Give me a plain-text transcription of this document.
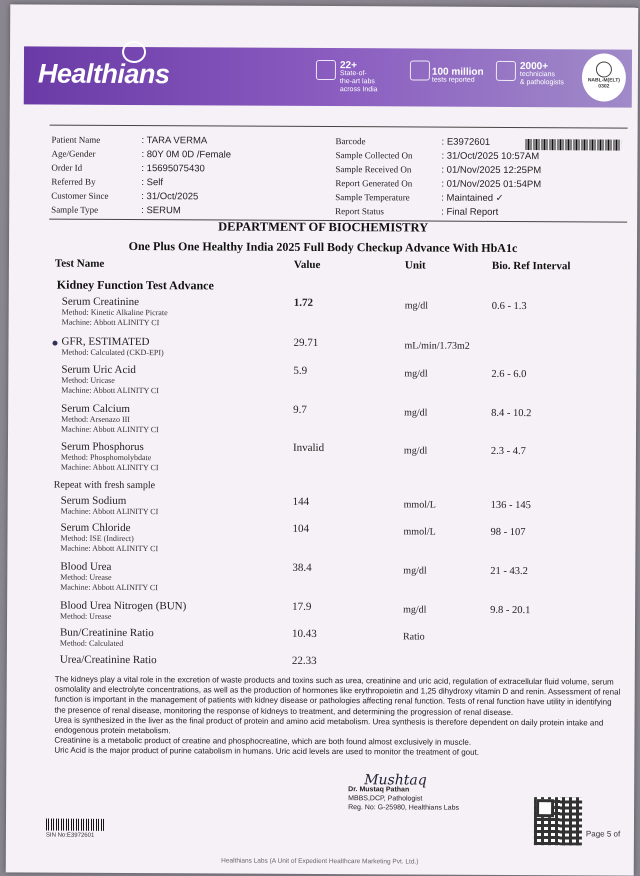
Healthians	22+
State-of-
the-art labs
across India
100 million
tests reported
2000+
technicians
& pathologists	NABL-M(ELT)
0302
Patient Name	: TARA VERMA
Age/Gender	: 80Y 0M 0D /Female
Order Id	: 15695075430
Referred By	: Self
Customer Since	: 31/Oct/2025
Sample Type	: SERUM
Barcode	: E3972601
Sample Collected On	: 31/Oct/2025 10:57AM
Sample Received On	: 01/Nov/2025 12:25PM
Report Generated On	: 01/Nov/2025 01:54PM
Sample Temperature	: Maintained ✓
Report Status	: Final Report
DEPARTMENT OF BIOCHEMISTRY
One Plus One Healthy India 2025 Full Body Checkup Advance With HbA1c
Test Name	Value	Unit	Bio. Ref Interval
Kidney Function Test Advance
Serum Creatinine
Method: Kinetic Alkaline Picrate
Machine: Abbott ALINITY CI
1.72	mg/dl	0.6 - 1.3
GFR, ESTIMATED
Method: Calculated (CKD-EPI)
29.71	mL/min/1.73m2
Serum Uric Acid
Method: Uricase
Machine: Abbott ALINITY CI
5.9	mg/dl	2.6 - 6.0
Serum Calcium
Method: Arsenazo III
Machine: Abbott ALINITY CI
9.7	mg/dl	8.4 - 10.2
Serum Phosphorus
Method: Phosphomolybdate
Machine: Abbott ALINITY CI
Invalid	mg/dl	2.3 - 4.7
Repeat with fresh sample
Serum Sodium
Machine: Abbott ALINITY CI
144	mmol/L	136 - 145
Serum Chloride
Method: ISE (Indirect)
Machine: Abbott ALINITY CI
104	mmol/L	98 - 107
Blood Urea
Method: Urease
Machine: Abbott ALINITY CI
38.4	mg/dl	21 - 43.2
Blood Urea Nitrogen (BUN)
Method: Urease
17.9	mg/dl	9.8 - 20.1
Bun/Creatinine Ratio
Method: Calculated
10.43	Ratio
Urea/Creatinine Ratio	22.33

The kidneys play a vital role in the excretion of waste products and toxins such as urea, creatinine and uric acid, regulation of extracellular fluid volume, serum osmolality and electrolyte concentrations, as well as the production of hormones like erythropoietin and 1,25 dihydroxy vitamin D and renin. Assessment of renal function is important in the management of patients with kidney disease or pathologies affecting renal function. Tests of renal function have utility in identifying the presence of renal disease, monitoring the response of kidneys to treatment, and determining the progression of renal disease.

Urea is synthesized in the liver as the final product of protein and amino acid metabolism. Urea synthesis is therefore dependent on daily protein intake and endogenous protein metabolism.

Creatinine is a metabolic product of creatine and phosphocreatine, which are both found almost exclusively in muscle.

Uric Acid is the major product of purine catabolism in humans. Uric acid levels are used to monitor the treatment of gout.

Mushtaq
Dr. Mustaq Pathan
MBBS,DCP, Pathologist
Reg. No: G-25980, Healthians Labs
Page 5 of
SIN No:E3972601
Healthians Labs (A Unit of Expedient Healthcare Marketing Pvt. Ltd.)
